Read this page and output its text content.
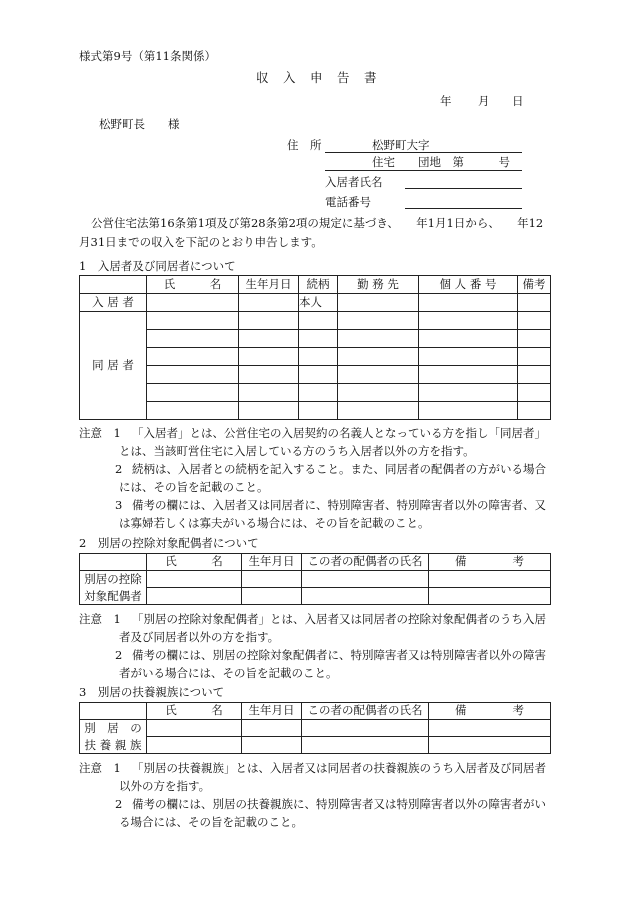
様式第9号（第11条関係）
収　入　申　告　書
年 月 日
松野町長　　様
住　所	松野町大字
住宅　　団地　第　　　号
入居者氏名
電話番号
公営住宅法第16条第1項及び第28条第2項の規定に基づき、　　年1月1日から、　　年12
月31日までの収入を下記のとおり申告します。
1　入居者及び同居者について
	氏　　　名	生年月日	続柄	勤 務 先	個 人 番 号	備考
入 居 者			本人			
同 居 者						

注意　1 「入居者」とは、公営住宅の入居契約の名義人となっている方を指し「同居者」
とは、当該町営住宅に入居している方のうち入居者以外の方を指す。
2 続柄は、入居者との続柄を記入すること。また、同居者の配偶者の方がいる場合
には、その旨を記載のこと。
3 備考の欄には、入居者又は同居者に、特別障害者、特別障害者以外の障害者、又
は寡婦若しくは寡夫がいる場合には、その旨を記載のこと。
2　別居の控除対象配偶者について
	氏　　　名	生年月日	この者の配偶者の氏名	備　　　　考

別居の控除
対象配偶者				

注意　1 「別居の控除対象配偶者」とは、入居者又は同居者の控除対象配偶者のうち入居
者及び同居者以外の方を指す。
2 備考の欄には、別居の控除対象配偶者に、特別障害者又は特別障害者以外の障害
者がいる場合には、その旨を記載のこと。
3　別居の扶養親族について
	氏　　　名	生年月日	この者の配偶者の氏名	備　　　　考

別　居　の
扶 養 親 族				

注意　1 「別居の扶養親族」とは、入居者又は同居者の扶養親族のうち入居者及び同居者
以外の方を指す。
2 備考の欄には、別居の扶養親族に、特別障害者又は特別障害者以外の障害者がい
る場合には、その旨を記載のこと。
